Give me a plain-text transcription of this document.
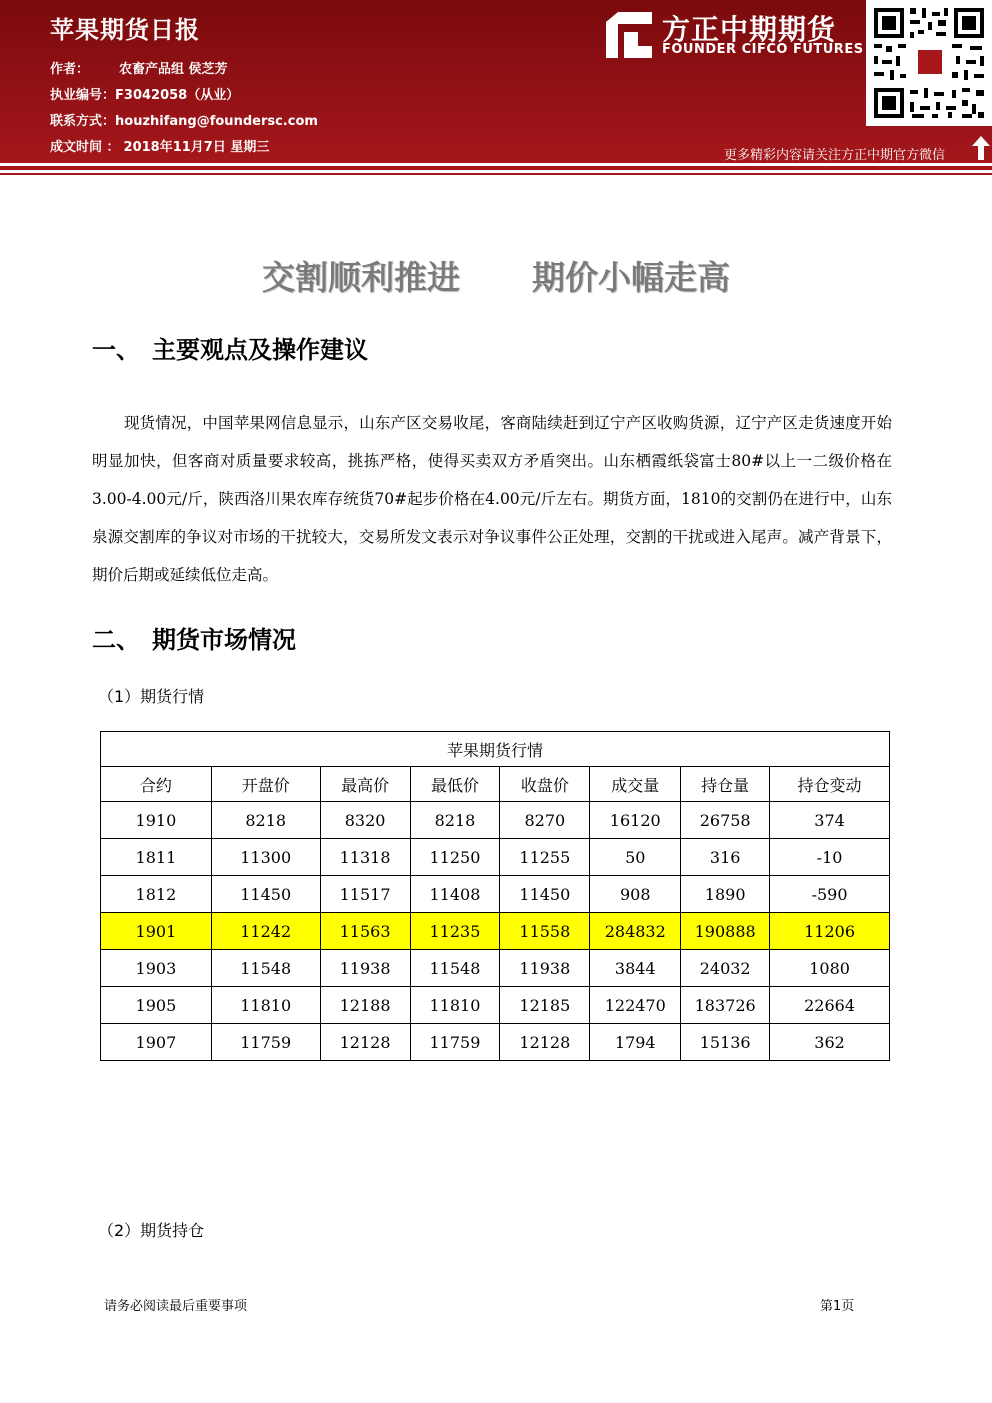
苹果期货日报
作者： 农畜产品组 侯芝芳
执业编号：F3042058（从业）
联系方式：houzhifang@foundersc.com
成文时间 ： 2018年11月7日 星期三
方正中期期货
FOUNDER CIFCO FUTURES
更多精彩内容请关注方正中期官方微信
交割顺利推进 期价小幅走高
一、 主要观点及操作建议

现货情况，中国苹果网信息显示，山东产区交易收尾，客商陆续赶到辽宁产区收购货源，辽宁产区走货速度开始明显加快，但客商对质量要求较高，挑拣严格，使得买卖双方矛盾突出。山东栖霞纸袋富士80#以上一二级价格在3.00-4.00元/斤，陕西洛川果农库存统货70#起步价格在4.00元/斤左右。期货方面，1810的交割仍在进行中，山东泉源交割库的争议对市场的干扰较大，交易所发文表示对争议事件公正处理，交割的干扰或进入尾声。减产背景下，期价后期或延续低位走高。

二、 期货市场情况
（1）期货行情
苹果期货行情							
合约	开盘价	最高价	最低价	收盘价	成交量	持仓量	持仓变动
1910	8218	8320	8218	8270	16120	26758	374
1811	11300	11318	11250	11255	50	316	-10
1812	11450	11517	11408	11450	908	1890	-590
1901	11242	11563	11235	11558	284832	190888	11206
1903	11548	11938	11548	11938	3844	24032	1080
1905	11810	12188	11810	12185	122470	183726	22664
1907	11759	12128	11759	12128	1794	15136	362
（2）期货持仓
请务必阅读最后重要事项	第1页
